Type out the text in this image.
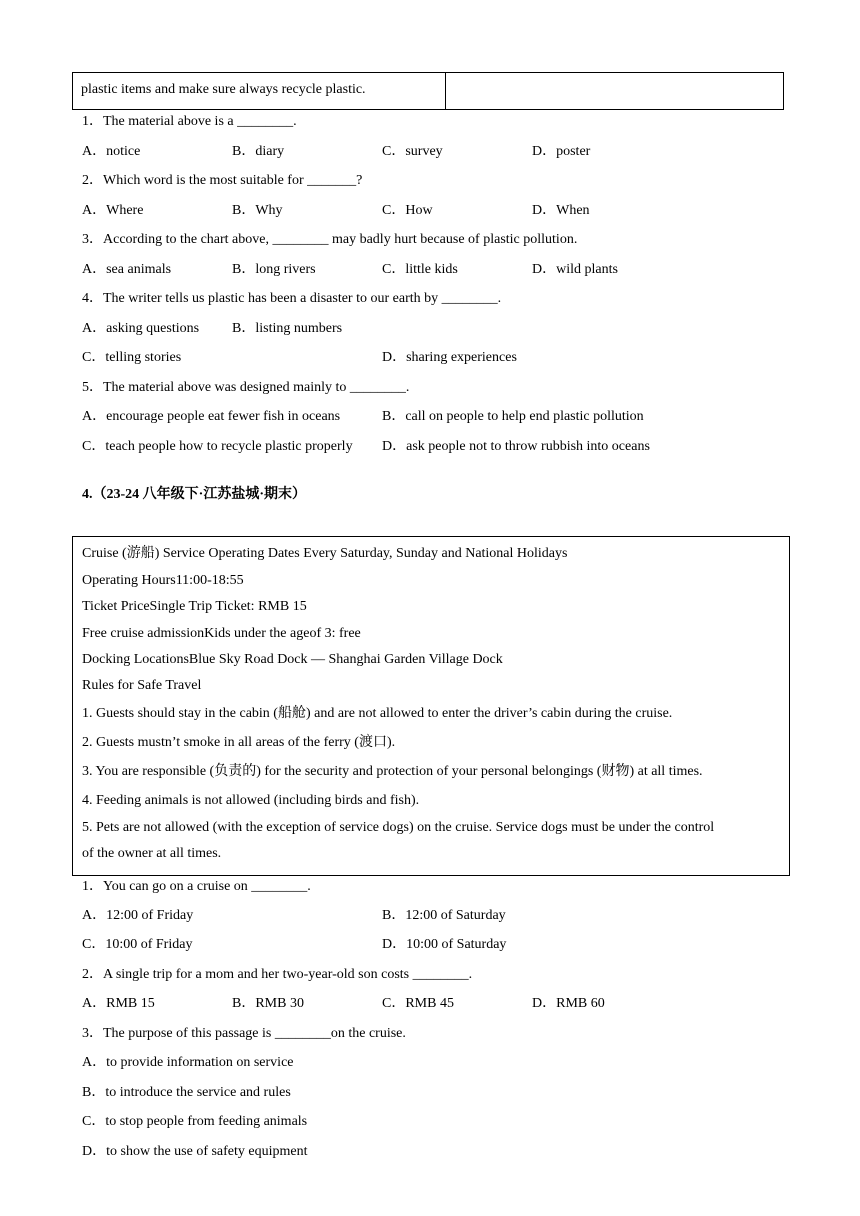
plastic items and make sure always recycle plastic.
1．The material above is a ________.
A．notice	B．diary	C．survey	D．poster
2．Which word is the most suitable for _______?
A．Where	B．Why	C．How	D．When
3．According to the chart above, ________ may badly hurt because of plastic pollution.
A．sea animals	B．long rivers	C．little kids	D．wild plants
4．The writer tells us plastic has been a disaster to our earth by ________.
A．asking questions B．listing numbers
C．telling stories	D．sharing experiences
5．The material above was designed mainly to ________.
A．encourage people eat fewer fish in oceans	B．call on people to help end plastic pollution
C．teach people how to recycle plastic properly D．ask people not to throw rubbish into oceans
4.（23-24 八年级下·江苏盐城·期末）
Cruise (游船) Service Operating Dates Every Saturday, Sunday and National Holidays
Operating Hours11:00-18:55
Ticket PriceSingle Trip Ticket: RMB 15
Free cruise admissionKids under the ageof 3: free
Docking LocationsBlue Sky Road Dock — Shanghai Garden Village Dock
Rules for Safe Travel
1. Guests should stay in the cabin (船舱) and are not allowed to enter the driver’s cabin during the cruise.
2. Guests mustn’t smoke in all areas of the ferry (渡口).
3. You are responsible (负责的) for the security and protection of your personal belongings (财物) at all times.
4. Feeding animals is not allowed (including birds and fish).
5. Pets are not allowed (with the exception of service dogs) on the cruise. Service dogs must be under the control
of the owner at all times.
1．You can go on a cruise on ________.
A．12:00 of Friday	B．12:00 of Saturday
C．10:00 of Friday	D．10:00 of Saturday
2．A single trip for a mom and her two-year-old son costs ________.
A．RMB 15	B．RMB 30	C．RMB 45	D．RMB 60
3．The purpose of this passage is ________on the cruise.
A．to provide information on service
B．to introduce the service and rules
C．to stop people from feeding animals
D．to show the use of safety equipment
